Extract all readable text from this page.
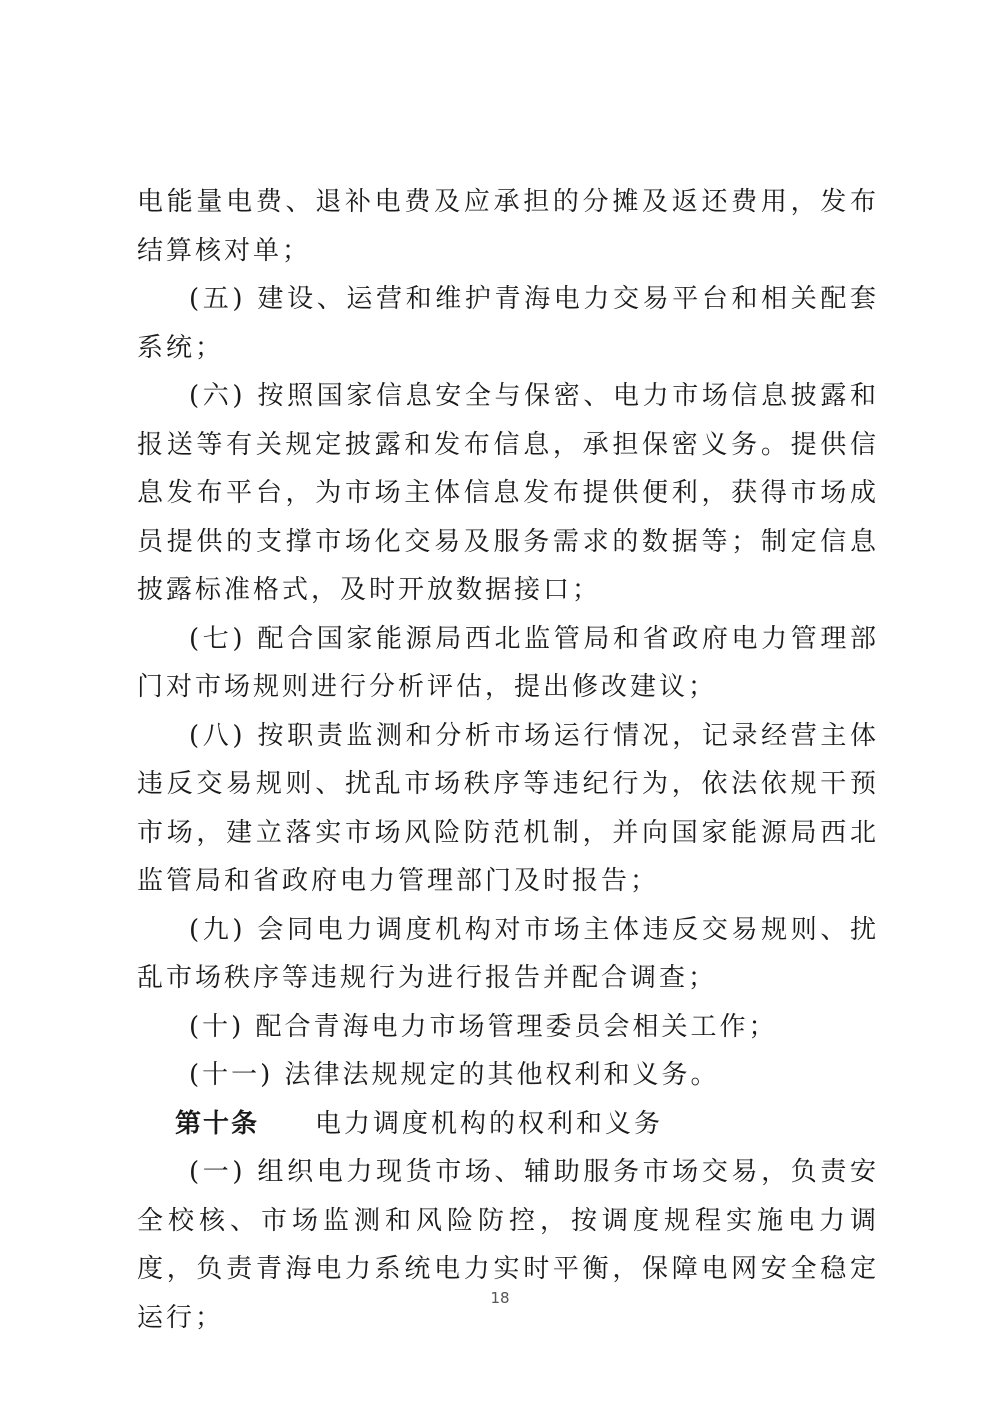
电能量电费、退补电费及应承担的分摊及返还费用，发布结算核对单；

(五) 建设、运营和维护青海电力交易平台和相关配套系统；

(六) 按照国家信息安全与保密、电力市场信息披露和报送等有关规定披露和发布信息，承担保密义务。提供信息发布平台，为市场主体信息发布提供便利，获得市场成员提供的支撑市场化交易及服务需求的数据等；制定信息披露标准格式，及时开放数据接口；

(七) 配合国家能源局西北监管局和省政府电力管理部门对市场规则进行分析评估，提出修改建议；

(八) 按职责监测和分析市场运行情况，记录经营主体违反交易规则、扰乱市场秩序等违纪行为，依法依规干预市场，建立落实市场风险防范机制，并向国家能源局西北监管局和省政府电力管理部门及时报告；

(九) 会同电力调度机构对市场主体违反交易规则、扰乱市场秩序等违规行为进行报告并配合调查；

(十) 配合青海电力市场管理委员会相关工作；

(十一) 法律法规规定的其他权利和义务。

第十条 电力调度机构的权利和义务

(一) 组织电力现货市场、辅助服务市场交易，负责安全校核、市场监测和风险防控，按调度规程实施电力调度，负责青海电力系统电力实时平衡，保障电网安全稳定运行；

18
